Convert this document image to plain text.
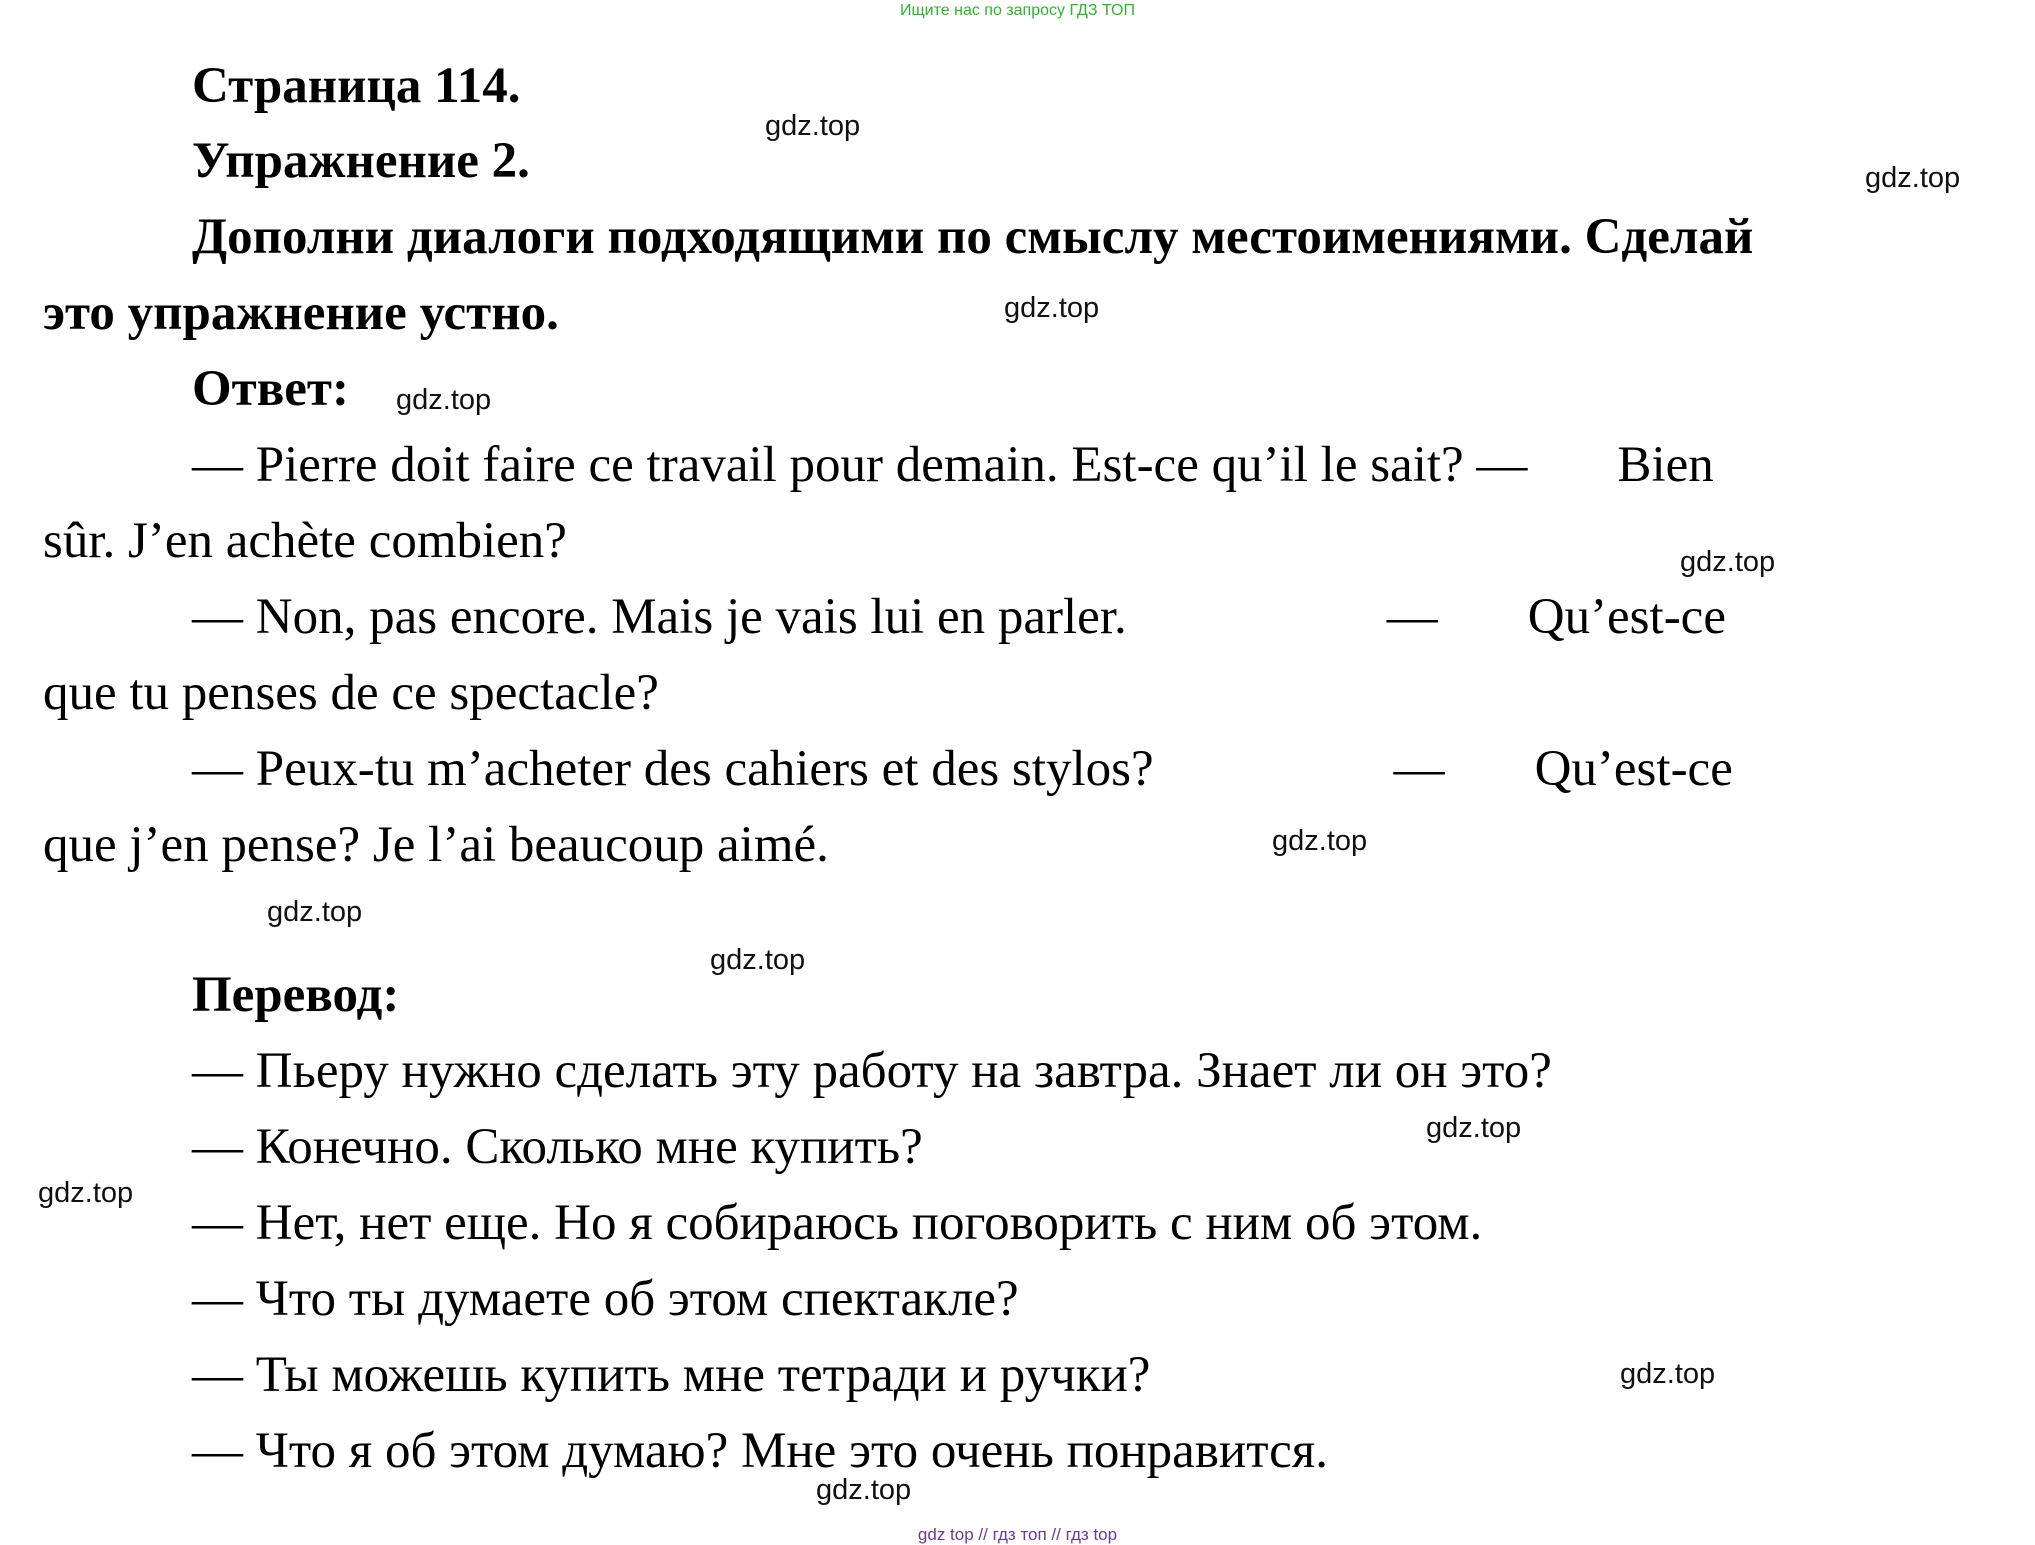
Ищите нас по запросу ГДЗ ТОП
Страница 114.
Упражнение 2.
Дополни диалоги подходящими по смыслу местоимениями. Сделай
это упражнение устно.
Ответ:
— Pierre doit faire ce travail pour demain. Est-ce qu’il le sait? — Bien
sûr. J’en achète combien?
— Non, pas encore. Mais je vais lui en parler.	— Qu’est-ce
que tu penses de ce spectacle?
— Peux-tu m’acheter des cahiers et des stylos?	— Qu’est-ce
que j’en pense? Je l’ai beaucoup aimé.
Перевод:
— Пьеру нужно сделать эту работу на завтра. Знает ли он это?
— Конечно. Сколько мне купить?
— Нет, нет еще. Но я собираюсь поговорить с ним об этом.
— Что ты думаете об этом спектакле?
— Ты можешь купить мне тетради и ручки?
— Что я об этом думаю? Мне это очень понравится.
gdz.top
gdz.top
gdz.top
gdz.top
gdz.top
gdz.top
gdz.top
gdz.top
gdz.top
gdz.top
gdz.top
gdz.top
gdz top // гдз топ // гдз top
